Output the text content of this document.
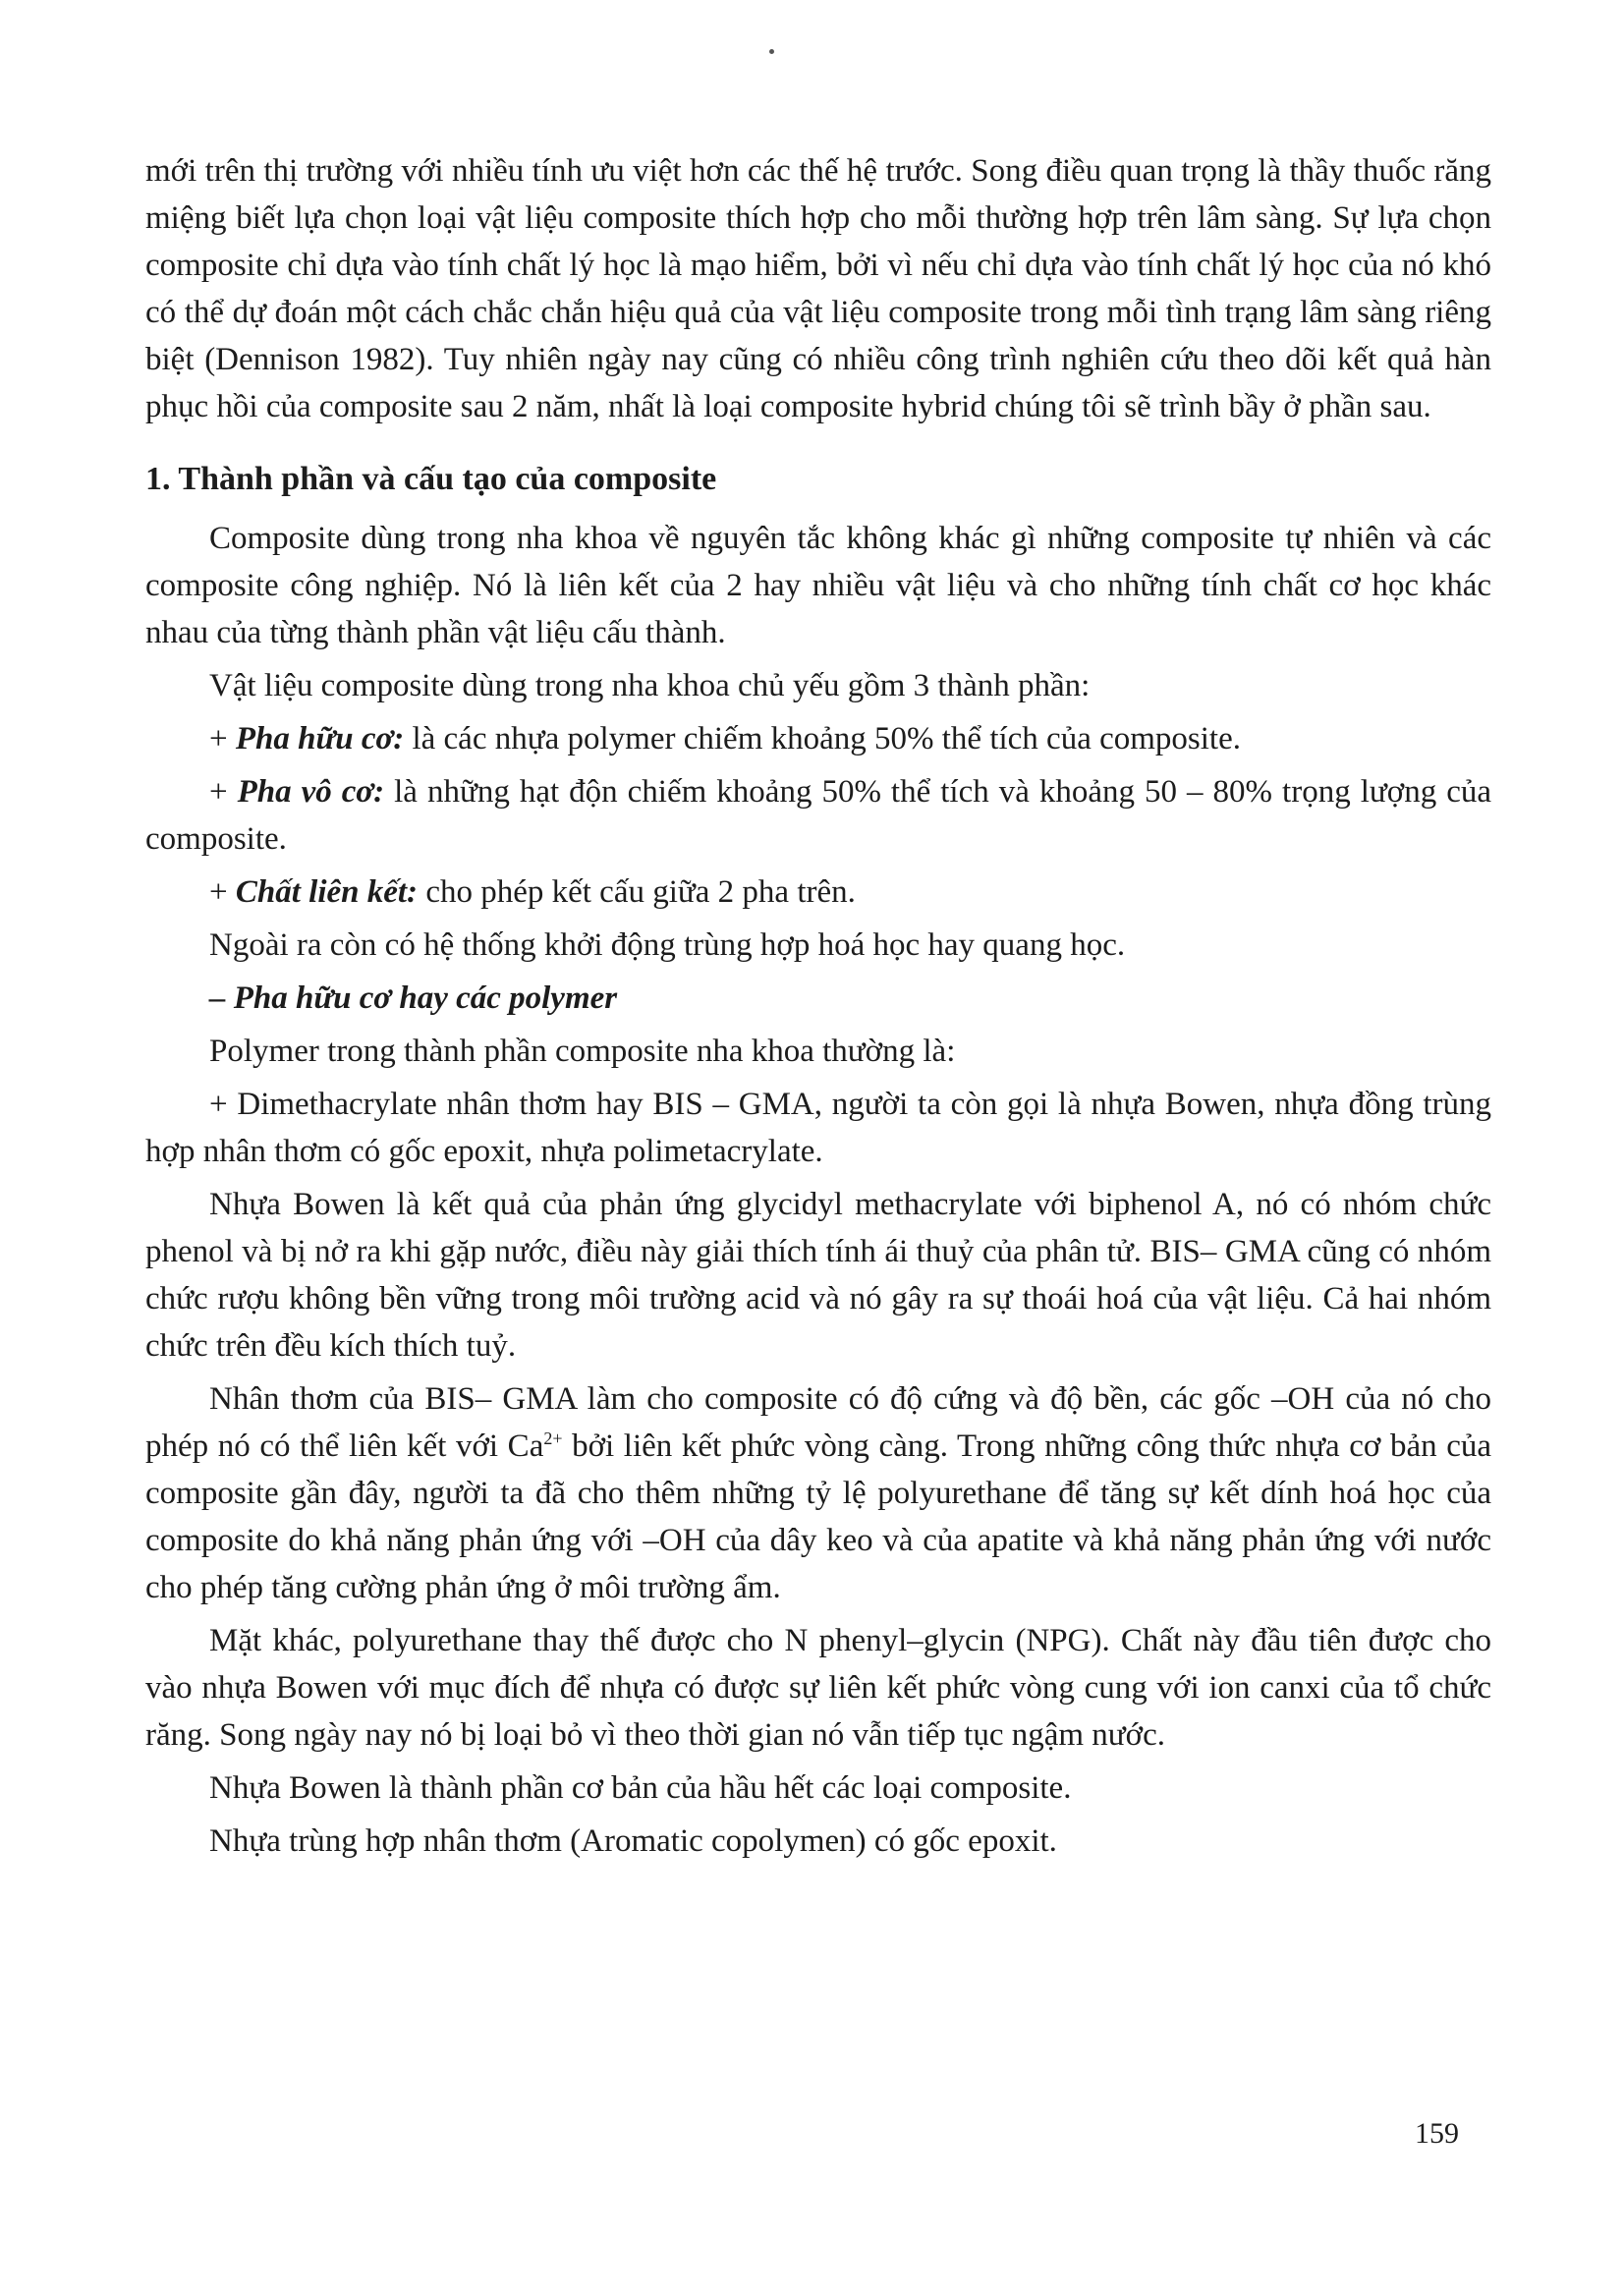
mới trên thị trường với nhiều tính ưu việt hơn các thế hệ trước. Song điều quan trọng là thầy thuốc răng miệng biết lựa chọn loại vật liệu composite thích hợp cho mỗi thường hợp trên lâm sàng. Sự lựa chọn composite chỉ dựa vào tính chất lý học là mạo hiểm, bởi vì nếu chỉ dựa vào tính chất lý học của nó khó có thể dự đoán một cách chắc chắn hiệu quả của vật liệu composite trong mỗi tình trạng lâm sàng riêng biệt (Dennison 1982). Tuy nhiên ngày nay cũng có nhiều công trình nghiên cứu theo dõi kết quả hàn phục hồi của composite sau 2 năm, nhất là loại composite hybrid chúng tôi sẽ trình bầy ở phần sau.

1. Thành phần và cấu tạo của composite

Composite dùng trong nha khoa về nguyên tắc không khác gì những composite tự nhiên và các composite công nghiệp. Nó là liên kết của 2 hay nhiều vật liệu và cho những tính chất cơ học khác nhau của từng thành phần vật liệu cấu thành.

Vật liệu composite dùng trong nha khoa chủ yếu gồm 3 thành phần:

+ Pha hữu cơ: là các nhựa polymer chiếm khoảng 50% thể tích của composite.

+ Pha vô cơ: là những hạt độn chiếm khoảng 50% thể tích và khoảng 50 – 80% trọng lượng của composite.

+ Chất liên kết: cho phép kết cấu giữa 2 pha trên.

Ngoài ra còn có hệ thống khởi động trùng hợp hoá học hay quang học.

– Pha hữu cơ hay các polymer

Polymer trong thành phần composite nha khoa thường là:

+ Dimethacrylate nhân thơm hay BIS – GMA, người ta còn gọi là nhựa Bowen, nhựa đồng trùng hợp nhân thơm có gốc epoxit, nhựa polimetacrylate.

Nhựa Bowen là kết quả của phản ứng glycidyl methacrylate với biphenol A, nó có nhóm chức phenol và bị nở ra khi gặp nước, điều này giải thích tính ái thuỷ của phân tử. BIS– GMA cũng có nhóm chức rượu không bền vững trong môi trường acid và nó gây ra sự thoái hoá của vật liệu. Cả hai nhóm chức trên đều kích thích tuỷ.

Nhân thơm của BIS– GMA làm cho composite có độ cứng và độ bền, các gốc –OH của nó cho phép nó có thể liên kết với $Ca^{2+}$ bởi liên kết phức vòng càng. Trong những công thức nhựa cơ bản của composite gần đây, người ta đã cho thêm những tỷ lệ polyurethane để tăng sự kết dính hoá học của composite do khả năng phản ứng với –OH của dây keo và của apatite và khả năng phản ứng với nước cho phép tăng cường phản ứng ở môi trường ẩm.

Mặt khác, polyurethane thay thế được cho N phenyl–glycin (NPG). Chất này đầu tiên được cho vào nhựa Bowen với mục đích để nhựa có được sự liên kết phức vòng cung với ion canxi của tổ chức răng. Song ngày nay nó bị loại bỏ vì theo thời gian nó vẫn tiếp tục ngậm nước.

Nhựa Bowen là thành phần cơ bản của hầu hết các loại composite.

Nhựa trùng hợp nhân thơm (Aromatic copolymen) có gốc epoxit.

159
